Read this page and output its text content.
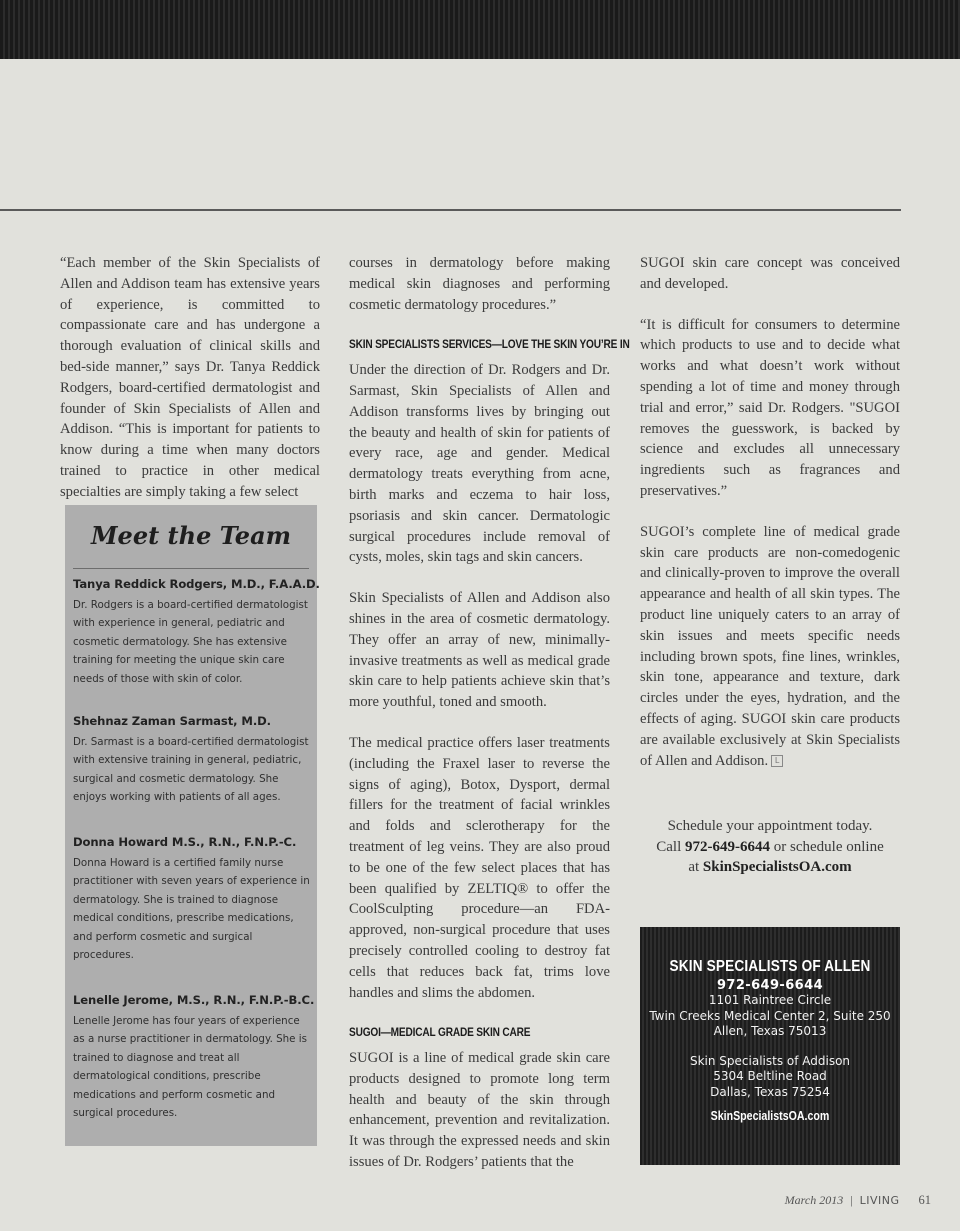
“Each member of the Skin Specialists of Allen and Addison team has extensive years of experience, is committed to compassionate care and has undergone a thorough evaluation of clinical skills and bed-side manner,” says Dr. Tanya Reddick Rodgers, board-certified dermatologist and founder of Skin Specialists of Allen and Addison. “This is important for patients to know during a time when many doctors trained to practice in other medical specialties are simply taking a few select

courses in dermatology before making medical skin diagnoses and performing cosmetic dermatology procedures.”

SKIN SPECIALISTS SERVICES—LOVE THE SKIN YOU’RE IN

Under the direction of Dr. Rodgers and Dr. Sarmast, Skin Specialists of Allen and Addison transforms lives by bringing out the beauty and health of skin for patients of every race, age and gender. Medical dermatology treats everything from acne, birth marks and eczema to hair loss, psoriasis and skin cancer. Dermatologic surgical procedures include removal of cysts, moles, skin tags and skin cancers.

Skin Specialists of Allen and Addison also shines in the area of cosmetic dermatology. They offer an array of new, minimally-invasive treatments as well as medical grade skin care to help patients achieve skin that’s more youthful, toned and smooth.

The medical practice offers laser treatments (including the Fraxel laser to reverse the signs of aging), Botox, Dysport, dermal fillers for the treatment of facial wrinkles and folds and sclerotherapy for the treatment of leg veins. They are also proud to be one of the few select places that has been qualified by ZELTIQ® to offer the CoolSculpting procedure—an FDA-approved, non-surgical procedure that uses precisely controlled cooling to destroy fat cells that reduces back fat, trims love handles and slims the abdomen.

SUGOI—MEDICAL GRADE SKIN CARE

SUGOI is a line of medical grade skin care products designed to promote long term health and beauty of the skin through enhancement, prevention and revitalization. It was through the expressed needs and skin issues of Dr. Rodgers’ patients that the

SUGOI skin care concept was conceived and developed.

“It is difficult for consumers to determine which products to use and to decide what works and what doesn’t work without spending a lot of time and money through trial and error,” said Dr. Rodgers. "SUGOI removes the guesswork, is backed by science and excludes all unnecessary ingredients such as fragrances and preservatives.”

SUGOI’s complete line of medical grade skin care products are non-comedogenic and clinically-proven to improve the overall appearance and health of all skin types. The product line uniquely caters to an array of skin issues and meets specific needs including brown spots, fine lines, wrinkles, skin tone, appearance and texture, dark circles under the eyes, hydration, and the effects of aging. SUGOI skin care products are available exclusively at Skin Specialists of Allen and Addison. L

Meet the Team

Tanya Reddick Rodgers, M.D., F.A.A.D.

Dr. Rodgers is a board-certified dermatologist with experience in general, pediatric and cosmetic dermatology. She has extensive training for meeting the unique skin care needs of those with skin of color.

Shehnaz Zaman Sarmast, M.D.

Dr. Sarmast is a board-certified dermatologist with extensive training in general, pediatric, surgical and cosmetic dermatology. She enjoys working with patients of all ages.

Donna Howard M.S., R.N., F.N.P.-C.

Donna Howard is a certified family nurse practitioner with seven years of experience in dermatology. She is trained to diagnose medical conditions, prescribe medications, and perform cosmetic and surgical procedures.

Lenelle Jerome, M.S., R.N., F.N.P.-B.C.

Lenelle Jerome has four years of experience as a nurse practitioner in dermatology. She is trained to diagnose and treat all dermatological conditions, prescribe medications and perform cosmetic and surgical procedures.

Schedule your appointment today.

Call 972-649-6644 or schedule online

at SkinSpecialistsOA.com

SKIN SPECIALISTS OF ALLEN

972-649-6644

1101 Raintree Circle

Twin Creeks Medical Center 2, Suite 250

Allen, Texas 75013

Skin Specialists of Addison

5304 Beltline Road

Dallas, Texas 75254

SkinSpecialistsOA.com

March 2013 | LIVING 61
